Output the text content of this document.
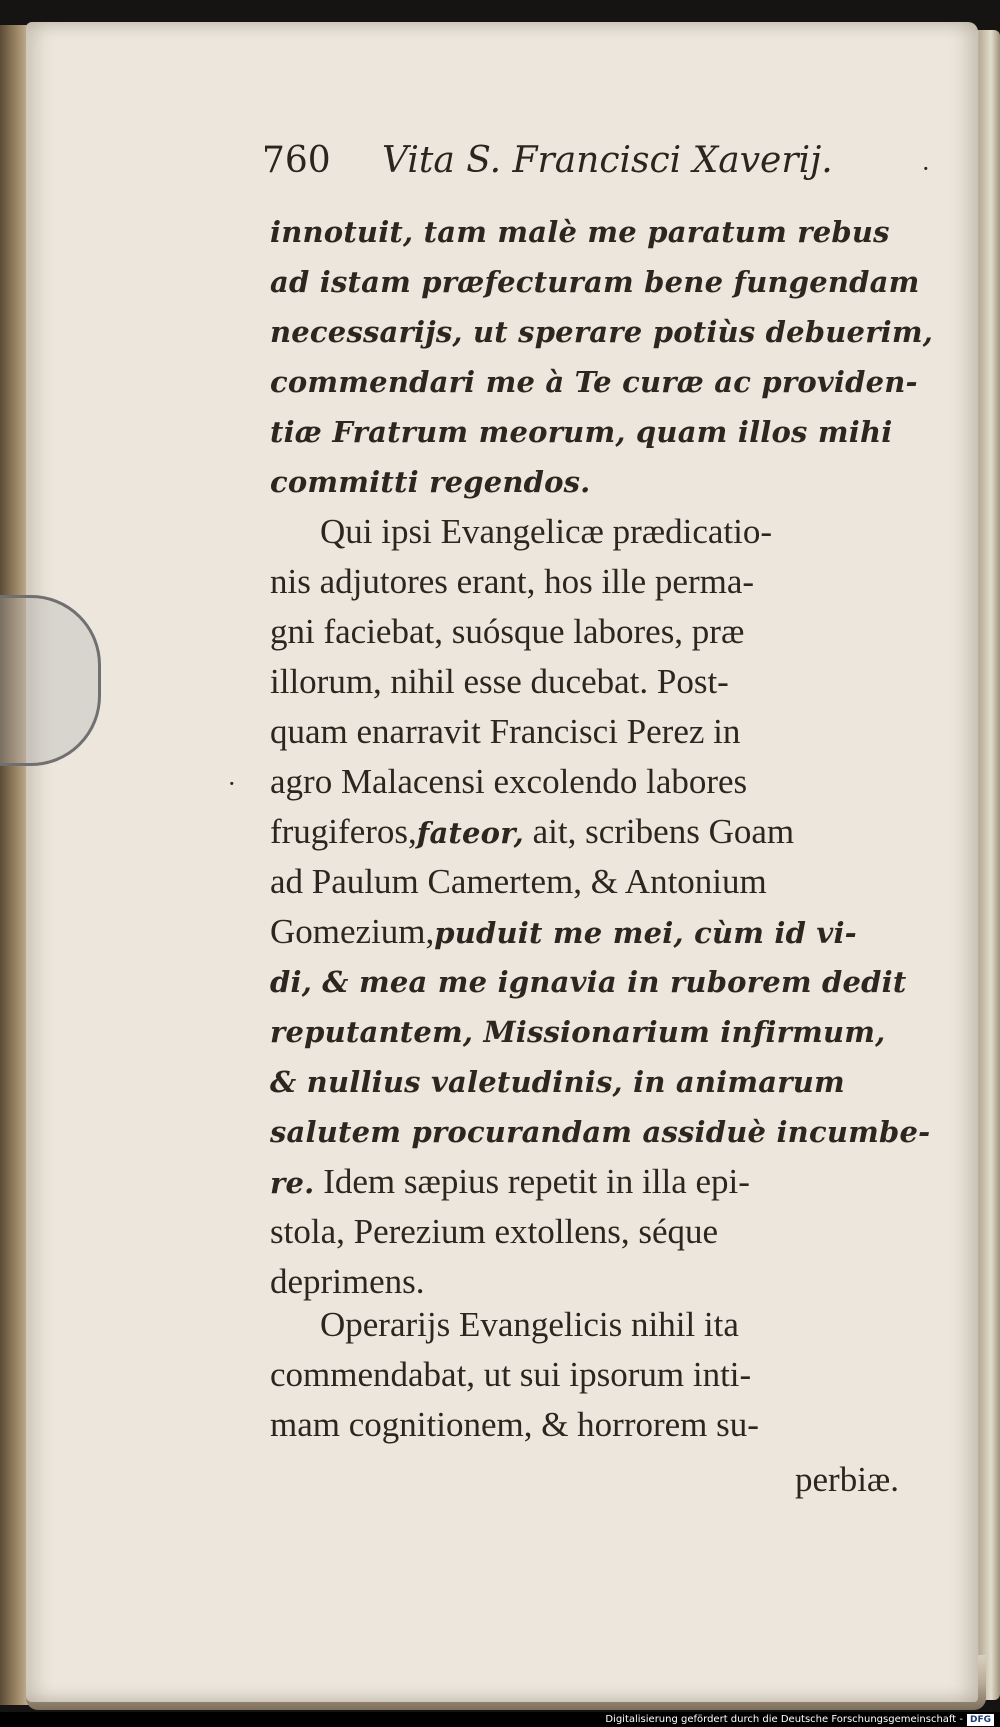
760 Vita S. Francisci Xaverij.	·
·
innotuit, tam malè me paratum rebus
ad istam præfecturam bene fungendam
necessarijs, ut sperare potiùs debuerim,
commendari me à Te curæ ac providen-
tiæ Fratrum meorum, quam illos mihi
committi regendos.
Qui ipsi Evangelicæ prædicatio-
nis adjutores erant, hos ille perma-
gni faciebat, suósque labores, præ
illorum, nihil esse ducebat. Post-
quam enarravit Francisci Perez in
agro Malacensi excolendo labores
frugiferos,fateor, ait, scribens Goam
ad Paulum Camertem, & Antonium
Gomezium,puduit me mei, cùm id vi-
di, & mea me ignavia in ruborem dedit
reputantem, Missionarium infirmum,
& nullius valetudinis, in animarum
salutem procurandam assiduè incumbe-
re. Idem sæpius repetit in illa epi-
stola, Perezium extollens, séque
deprimens.
Operarijs Evangelicis nihil ita
commendabat, ut sui ipsorum inti-
mam cognitionem, & horrorem su-
perbiæ.
Digitalisierung gefördert durch die Deutsche Forschungsgemeinschaft - DFG
